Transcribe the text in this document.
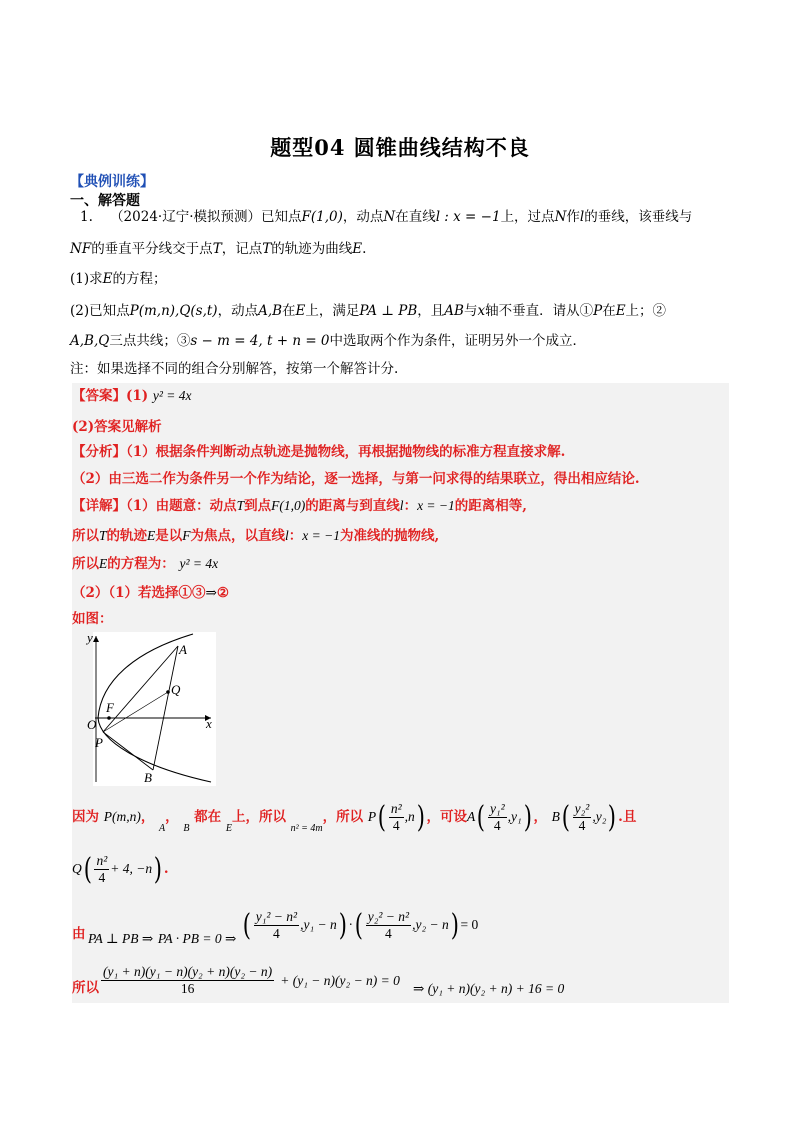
题型04 圆锥曲线结构不良
【典例训练】
一、解答题
1. （2024·辽宁·模拟预测）已知点F(1,0)，动点N在直线l : x = −1上，过点N作l的垂线，该垂线与
NF的垂直平分线交于点T，记点T的轨迹为曲线E.
(1)求E的方程；
(2)已知点P(m,n),Q(s,t)，动点A,B在E上，满足PA ⊥ PB，且AB与x轴不垂直．请从①P在E上；②
A,B,Q三点共线；③s − m = 4, t + n = 0中选取两个作为条件，证明另外一个成立．
注：如果选择不同的组合分别解答，按第一个解答计分.
【答案】(1) y² = 4x
(2)答案见解析
【分析】（1）根据条件判断动点轨迹是抛物线，再根据抛物线的标准方程直接求解.
（2）由三选二作为条件另一个作为结论，逐一选择，与第一问求得的结果联立，得出相应结论.
【详解】（1）由题意：动点T到点F(1,0)的距离与到直线l：x = −1的距离相等,
所以T的轨迹E是以F为焦点，以直线l：x = −1为准线的抛物线,
所以E的方程为： y² = 4x
（2）（1）若选择①③⇒②
如图：
y
x
A
B
F
O
P
Q
因为 P(m,n)， $_A$， $_B$ 都在 $_E$上，所以 $_{n^2 = 4m}$，所以 $P( \frac{\text{n²}}{4} ,n)$ ，可设$A( \frac{\text{y₁²}}{4} ,y_1)$ ， $B( \frac{\text{y₂²}}{4} ,y_2)$ .且
$Q( \frac{\text{n²}}{4} + 4$, −n) .
由 PA ⊥ PB ⇒ PA · PB = 0 ⇒ ( $\frac{\text{y₁² − n²}}{4} ,y_1 - n$) ·( $\frac{\text{y₂² − n²}}{4} ,y_2 - n) = 0$
所以 $\frac{\text{(y₁ + n)(y₁ − n)(y₂ + n)(y₂ − n)}}{16} + (y_1 - n)(y_2 - n) = 0$ $_{\Rightarrow (y_1 + n)(y_2 + n) + 16 = 0}$
